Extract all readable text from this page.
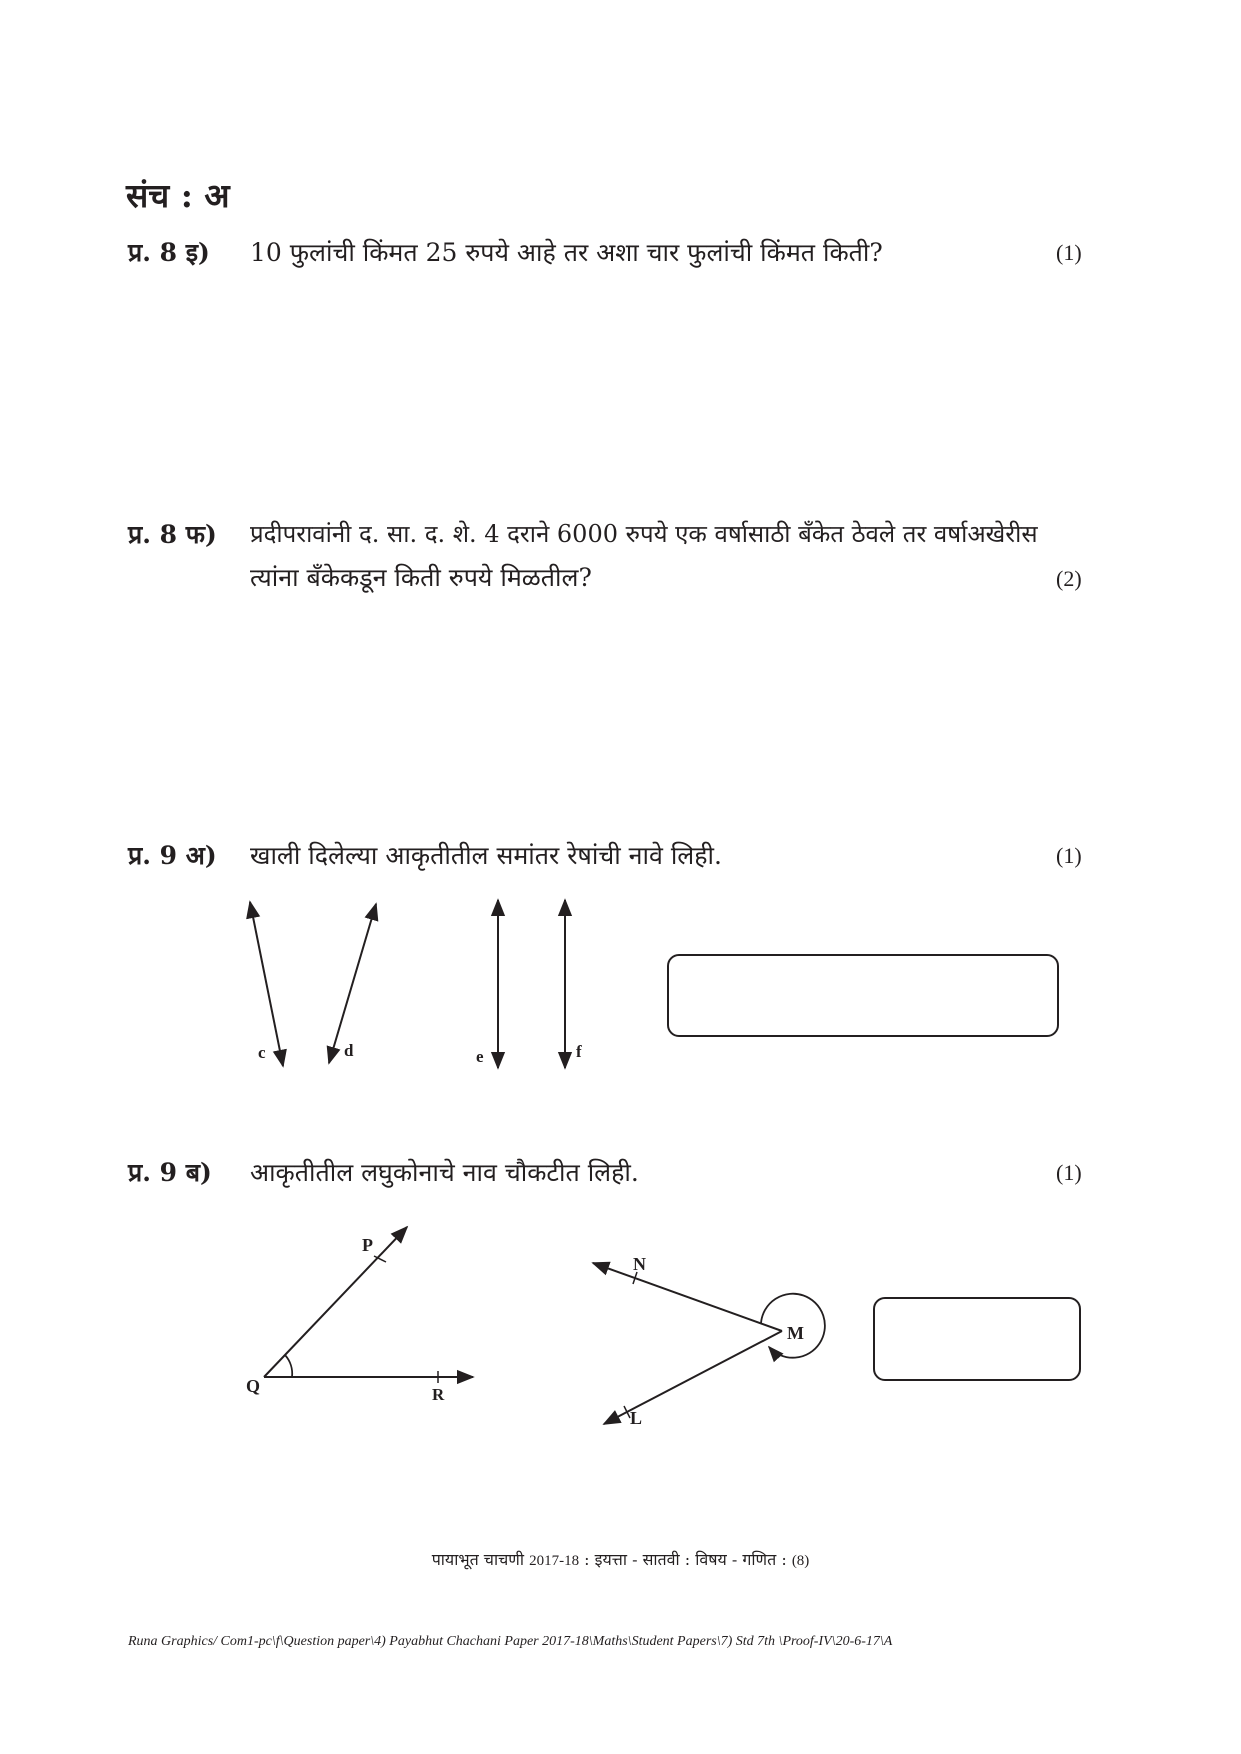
संच : अ
प्र. 8 इ) 10 फुलांची किंमत 25 रुपये आहे तर अशा चार फुलांची किंमत किती?	(1)
प्र. 8 फ) प्रदीपरावांनी द. सा. द. शे. 4 दराने 6000 रुपये एक वर्षासाठी बँकेत ठेवले तर वर्षाअखेरीस
त्यांना बँकेकडून किती रुपये मिळतील?	(2)
प्र. 9 अ) खाली दिलेल्या आकृतीतील समांतर रेषांची नावे लिही.	(1)
c	d	e	f
प्र. 9 ब) आकृतीतील लघुकोनाचे नाव चौकटीत लिही.	(1)
P
Q	R
N
M
L
पायाभूत चाचणी 2017-18 : इयत्ता - सातवी : विषय - गणित : (8)
Runa Graphics/ Com1-pc\f\Question paper\4) Payabhut Chachani Paper 2017-18\Maths\Student Papers\7) Std 7th \Proof-IV\20-6-17\A
